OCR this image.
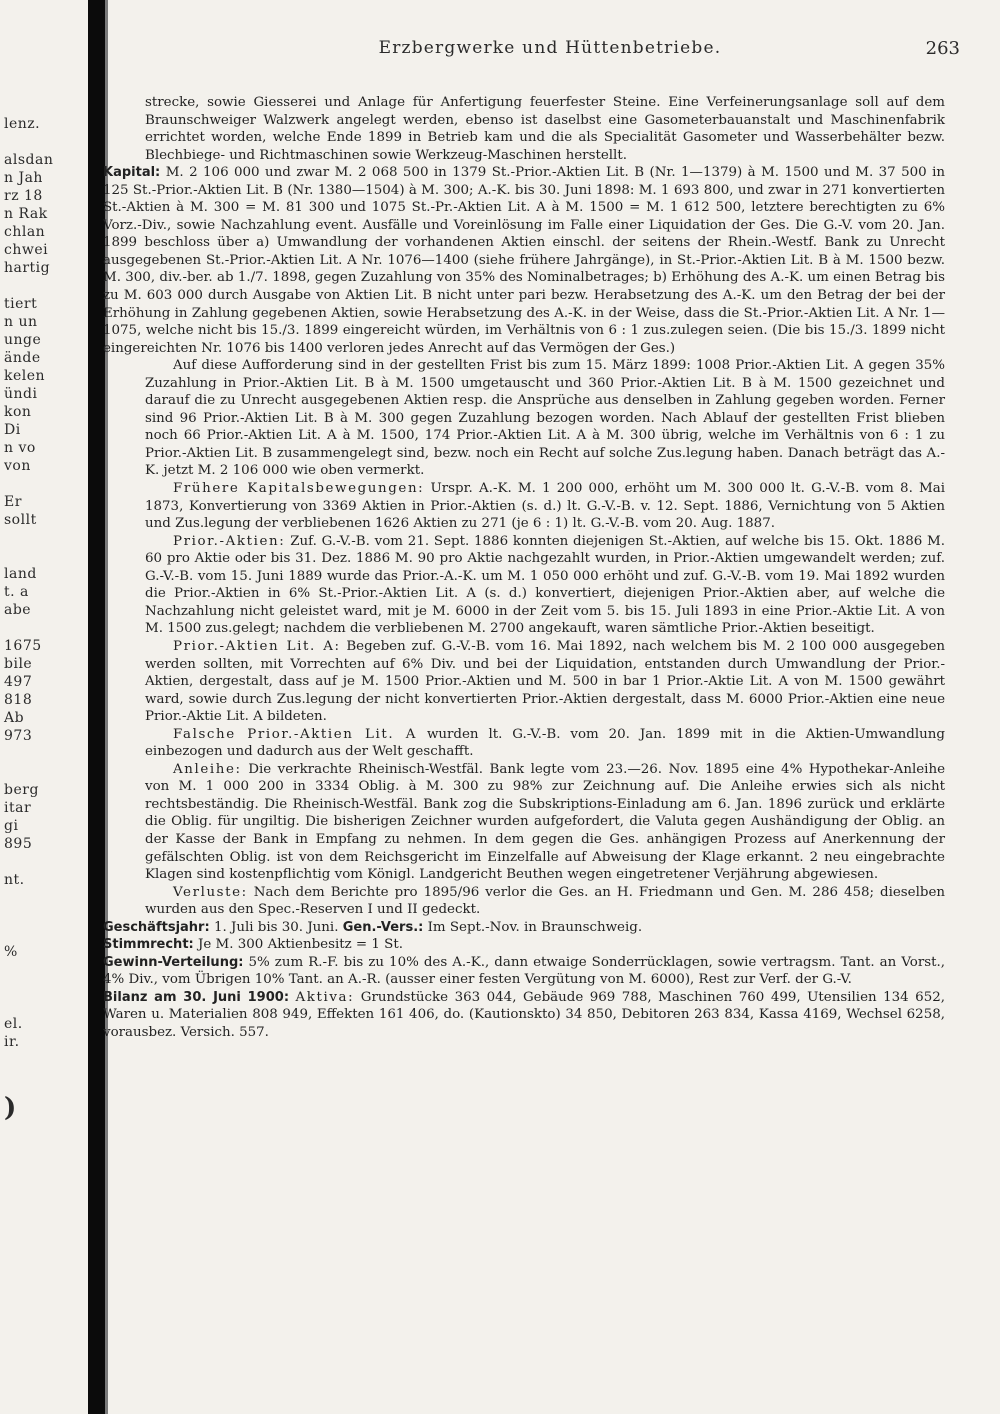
lenz.
alsdan
n Jah
rz 18
n Rak
chlan
chwei
hartig
tiert
n un
unge
ände
kelen
ündi
kon
Di
n vo
von
Er
sollt
land
t. a
abe
1675
bile
497
818
Ab
973
berg
itar
gi
895
nt.
%
el.
ir.
)
Erzbergwerke und Hüttenbetriebe.	263

strecke, sowie Giesserei und Anlage für Anfertigung feuerfester Steine. Eine Verfeinerungsanlage soll auf dem Braunschweiger Walzwerk angelegt werden, ebenso ist daselbst eine Gasometerbauanstalt und Maschinenfabrik errichtet worden, welche Ende 1899 in Betrieb kam und die als Specialität Gasometer und Wasserbehälter bezw. Blechbiege- und Richtmaschinen sowie Werkzeug-Maschinen herstellt.

Kapital: M. 2 106 000 und zwar M. 2 068 500 in 1379 St.-Prior.-Aktien Lit. B (Nr. 1—1379) à M. 1500 und M. 37 500 in 125 St.-Prior.-Aktien Lit. B (Nr. 1380—1504) à M. 300; A.-K. bis 30. Juni 1898: M. 1 693 800, und zwar in 271 konvertierten St.-Aktien à M. 300 = M. 81 300 und 1075 St.-Pr.-Aktien Lit. A à M. 1500 = M. 1 612 500, letztere berechtigten zu 6% Vorz.-Div., sowie Nachzahlung event. Ausfälle und Voreinlösung im Falle einer Liquidation der Ges. Die G.-V. vom 20. Jan. 1899 beschloss über a) Umwandlung der vorhandenen Aktien einschl. der seitens der Rhein.-Westf. Bank zu Unrecht ausgegebenen St.-Prior.-Aktien Lit. A Nr. 1076—1400 (siehe frühere Jahrgänge), in St.-Prior.-Aktien Lit. B à M. 1500 bezw. M. 300, div.-ber. ab 1./7. 1898, gegen Zuzahlung von 35% des Nominalbetrages; b) Erhöhung des A.-K. um einen Betrag bis zu M. 603 000 durch Ausgabe von Aktien Lit. B nicht unter pari bezw. Herabsetzung des A.-K. um den Betrag der bei der Erhöhung in Zahlung gegebenen Aktien, sowie Herabsetzung des A.-K. in der Weise, dass die St.-Prior.-Aktien Lit. A Nr. 1—1075, welche nicht bis 15./3. 1899 eingereicht würden, im Verhältnis von 6 : 1 zus.zulegen seien. (Die bis 15./3. 1899 nicht eingereichten Nr. 1076 bis 1400 verloren jedes Anrecht auf das Vermögen der Ges.)

Auf diese Aufforderung sind in der gestellten Frist bis zum 15. März 1899: 1008 Prior.-Aktien Lit. A gegen 35% Zuzahlung in Prior.-Aktien Lit. B à M. 1500 umgetauscht und 360 Prior.-Aktien Lit. B à M. 1500 gezeichnet und darauf die zu Unrecht ausgegebenen Aktien resp. die Ansprüche aus denselben in Zahlung gegeben worden. Ferner sind 96 Prior.-Aktien Lit. B à M. 300 gegen Zuzahlung bezogen worden. Nach Ablauf der gestellten Frist blieben noch 66 Prior.-Aktien Lit. A à M. 1500, 174 Prior.-Aktien Lit. A à M. 300 übrig, welche im Verhältnis von 6 : 1 zu Prior.-Aktien Lit. B zusammengelegt sind, bezw. noch ein Recht auf solche Zus.legung haben. Danach beträgt das A.-K. jetzt M. 2 106 000 wie oben vermerkt.

Frühere Kapitalsbewegungen: Urspr. A.-K. M. 1 200 000, erhöht um M. 300 000 lt. G.-V.-B. vom 8. Mai 1873, Konvertierung von 3369 Aktien in Prior.-Aktien (s. d.) lt. G.-V.-B. v. 12. Sept. 1886, Vernichtung von 5 Aktien und Zus.legung der verbliebenen 1626 Aktien zu 271 (je 6 : 1) lt. G.-V.-B. vom 20. Aug. 1887.

Prior.-Aktien: Zuf. G.-V.-B. vom 21. Sept. 1886 konnten diejenigen St.-Aktien, auf welche bis 15. Okt. 1886 M. 60 pro Aktie oder bis 31. Dez. 1886 M. 90 pro Aktie nachgezahlt wurden, in Prior.-Aktien umgewandelt werden; zuf. G.-V.-B. vom 15. Juni 1889 wurde das Prior.-A.-K. um M. 1 050 000 erhöht und zuf. G.-V.-B. vom 19. Mai 1892 wurden die Prior.-Aktien in 6% St.-Prior.-Aktien Lit. A (s. d.) konvertiert, diejenigen Prior.-Aktien aber, auf welche die Nachzahlung nicht geleistet ward, mit je M. 6000 in der Zeit vom 5. bis 15. Juli 1893 in eine Prior.-Aktie Lit. A von M. 1500 zus.gelegt; nachdem die verbliebenen M. 2700 angekauft, waren sämtliche Prior.-Aktien beseitigt.

Prior.-Aktien Lit. A: Begeben zuf. G.-V.-B. vom 16. Mai 1892, nach welchem bis M. 2 100 000 ausgegeben werden sollten, mit Vorrechten auf 6% Div. und bei der Liquidation, entstanden durch Umwandlung der Prior.-Aktien, dergestalt, dass auf je M. 1500 Prior.-Aktien und M. 500 in bar 1 Prior.-Aktie Lit. A von M. 1500 gewährt ward, sowie durch Zus.legung der nicht konvertierten Prior.-Aktien dergestalt, dass M. 6000 Prior.-Aktien eine neue Prior.-Aktie Lit. A bildeten.

Falsche Prior.-Aktien Lit. A wurden lt. G.-V.-B. vom 20. Jan. 1899 mit in die Aktien-Umwandlung einbezogen und dadurch aus der Welt geschafft.

Anleihe: Die verkrachte Rheinisch-Westfäl. Bank legte vom 23.—26. Nov. 1895 eine 4% Hypothekar-Anleihe von M. 1 000 200 in 3334 Oblig. à M. 300 zu 98% zur Zeichnung auf. Die Anleihe erwies sich als nicht rechtsbeständig. Die Rheinisch-Westfäl. Bank zog die Subskriptions-Einladung am 6. Jan. 1896 zurück und erklärte die Oblig. für ungiltig. Die bisherigen Zeichner wurden aufgefordert, die Valuta gegen Aushändigung der Oblig. an der Kasse der Bank in Empfang zu nehmen. In dem gegen die Ges. anhängigen Prozess auf Anerkennung der gefälschten Oblig. ist von dem Reichsgericht im Einzelfalle auf Abweisung der Klage erkannt. 2 neu eingebrachte Klagen sind kostenpflichtig vom Königl. Landgericht Beuthen wegen eingetretener Verjährung abgewiesen.

Verluste: Nach dem Berichte pro 1895/96 verlor die Ges. an H. Friedmann und Gen. M. 286 458; dieselben wurden aus den Spec.-Reserven I und II gedeckt.

Geschäftsjahr: 1. Juli bis 30. Juni. Gen.-Vers.: Im Sept.-Nov. in Braunschweig.

Stimmrecht: Je M. 300 Aktienbesitz = 1 St.

Gewinn-Verteilung: 5% zum R.-F. bis zu 10% des A.-K., dann etwaige Sonderrücklagen, sowie vertragsm. Tant. an Vorst., 4% Div., vom Übrigen 10% Tant. an A.-R. (ausser einer festen Vergütung von M. 6000), Rest zur Verf. der G.-V.

Bilanz am 30. Juni 1900: Aktiva: Grundstücke 363 044, Gebäude 969 788, Maschinen 760 499, Utensilien 134 652, Waren u. Materialien 808 949, Effekten 161 406, do. (Kautionskto) 34 850, Debitoren 263 834, Kassa 4169, Wechsel 6258, vorausbez. Versich. 557.
